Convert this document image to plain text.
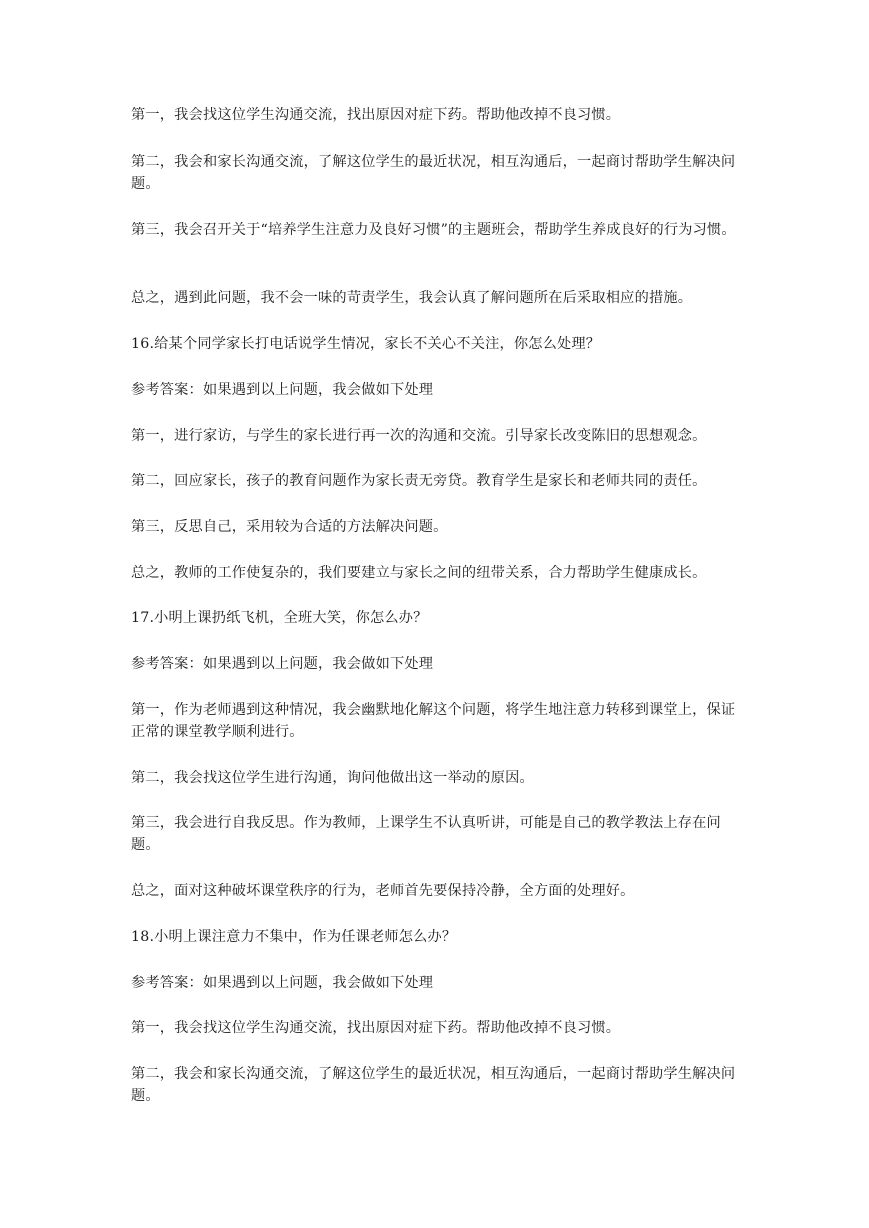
第一，我会找这位学生沟通交流，找出原因对症下药。帮助他改掉不良习惯。

第二，我会和家长沟通交流，了解这位学生的最近状况，相互沟通后，一起商讨帮助学生解决问题。

第三，我会召开关于“培养学生注意力及良好习惯”的主题班会，帮助学生养成良好的行为习惯。

总之，遇到此问题，我不会一味的苛责学生，我会认真了解问题所在后采取相应的措施。

16.给某个同学家长打电话说学生情况，家长不关心不关注，你怎么处理？

参考答案：如果遇到以上问题，我会做如下处理

第一，进行家访，与学生的家长进行再一次的沟通和交流。引导家长改变陈旧的思想观念。

第二，回应家长，孩子的教育问题作为家长责无旁贷。教育学生是家长和老师共同的责任。

第三，反思自己，采用较为合适的方法解决问题。

总之，教师的工作使复杂的，我们要建立与家长之间的纽带关系，合力帮助学生健康成长。

17.小明上课扔纸飞机，全班大笑，你怎么办？

参考答案：如果遇到以上问题，我会做如下处理

第一，作为老师遇到这种情况，我会幽默地化解这个问题，将学生地注意力转移到课堂上，保证正常的课堂教学顺利进行。

第二，我会找这位学生进行沟通，询问他做出这一举动的原因。

第三，我会进行自我反思。作为教师，上课学生不认真听讲，可能是自己的教学教法上存在问题。

总之，面对这种破坏课堂秩序的行为，老师首先要保持冷静，全方面的处理好。

18.小明上课注意力不集中，作为任课老师怎么办？

参考答案：如果遇到以上问题，我会做如下处理

第一，我会找这位学生沟通交流，找出原因对症下药。帮助他改掉不良习惯。

第二，我会和家长沟通交流，了解这位学生的最近状况，相互沟通后，一起商讨帮助学生解决问题。
